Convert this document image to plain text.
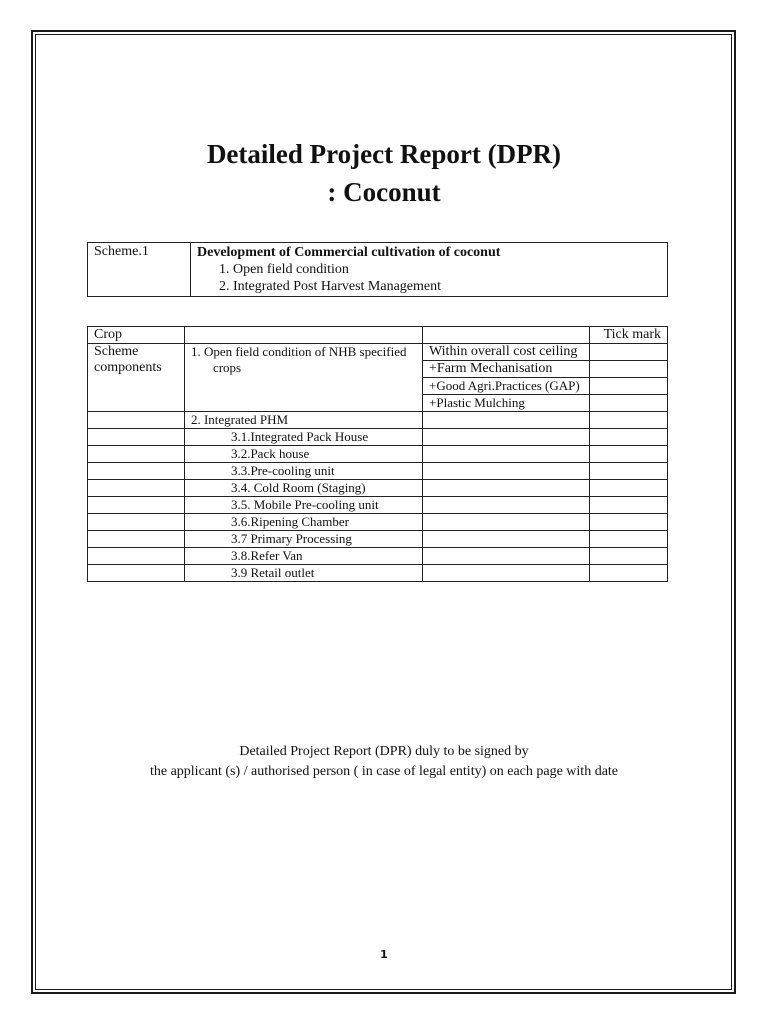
Detailed Project Report (DPR)
: Coconut
Scheme.1	Development of Commercial cultivation of coconut
1. Open field condition
2. Integrated Post Harvest Management
Crop			Tick mark
Scheme components	1. Open field condition of NHB specified crops	Within overall cost ceiling	
		+Farm Mechanisation	
		+Good Agri.Practices (GAP)	
		+Plastic Mulching	
	2. Integrated PHM		
	3.1.Integrated Pack House		
	3.2.Pack house		
	3.3.Pre-cooling unit		
	3.4. Cold Room (Staging)		
	3.5. Mobile Pre-cooling unit		
	3.6.Ripening Chamber		
	3.7 Primary Processing		
	3.8.Refer Van		
	3.9 Retail outlet		
Detailed Project Report (DPR) duly to be signed by
the applicant (s) / authorised person ( in case of legal entity) on each page with date
1
